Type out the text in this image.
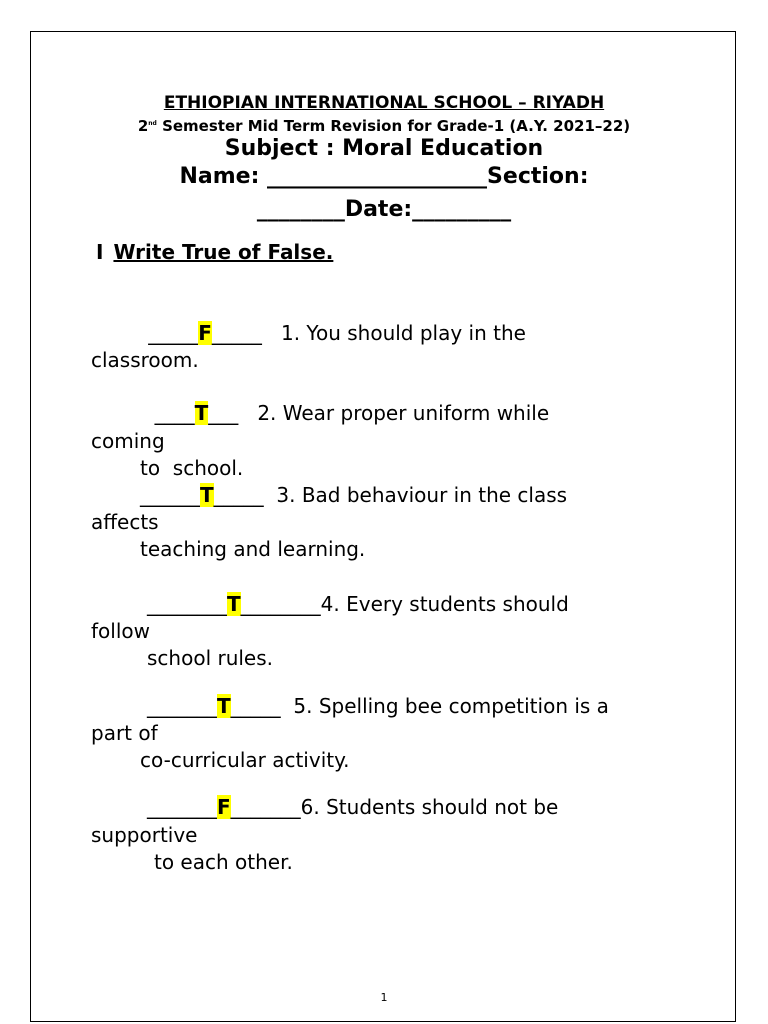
ETHIOPIAN INTERNATIONAL SCHOOL – RIYADH
2nd Semester Mid Term Revision for Grade-1 (A.Y. 2021–22)
Subject : Moral Education
Name: ____________________Section:
________Date:_________
I Write True of False.
_____F_____   1. You should play in the
classroom.
____T___   2. Wear proper uniform while
coming
to  school.
______T_____  3. Bad behaviour in the class
affects
teaching and learning.
________T________4. Every students should
follow
school rules.
_______T_____  5. Spelling bee competition is a
part of
co-curricular activity.
_______F_______6. Students should not be
supportive
to each other.
1
